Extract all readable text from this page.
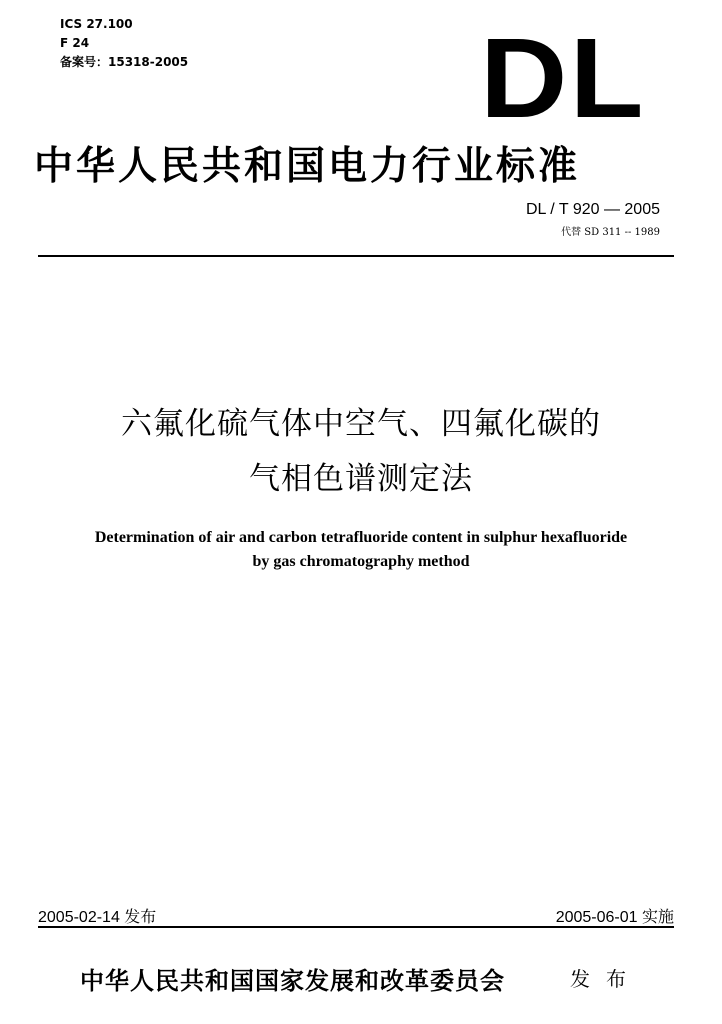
ICS 27.100
F 24
备案号：15318-2005	DL
中华人民共和国电力行业标准
DL / T 920 — 2005
代替 SD 311 -- 1989
六氟化硫气体中空气、四氟化碳的
气相色谱测定法
Determination of air and carbon tetrafluoride content in sulphur hexafluoride
by gas chromatography method
2005-02-14 发布	2005-06-01 实施
中华人民共和国国家发展和改革委员会	发布
